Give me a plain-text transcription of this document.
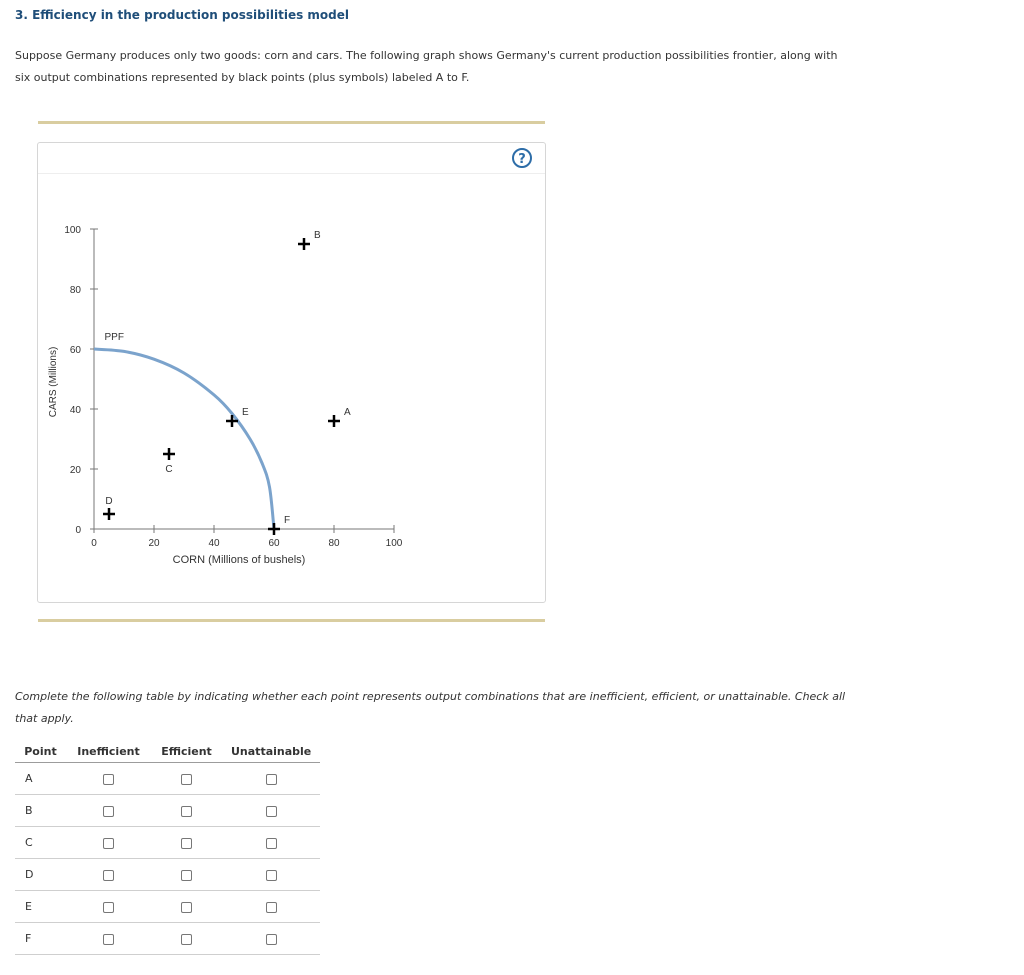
3. Efficiency in the production possibilities model
Suppose Germany produces only two goods: corn and cars. The following graph shows Germany's current production possibilities frontier, along with
six output combinations represented by black points (plus symbols) labeled A to F.
?
0
20
40
60
80
100
0	20	40	60	80	100
CORN (Millions of bushels)
CARS (Millions)
PPF
A
B
C
D
E
F
Complete the following table by indicating whether each point represents output combinations that are inefficient, efficient, or unattainable. Check all
that apply.
Point	Inefficient	Efficient	Unattainable
A			
B			
C			
D			
E			
F			
